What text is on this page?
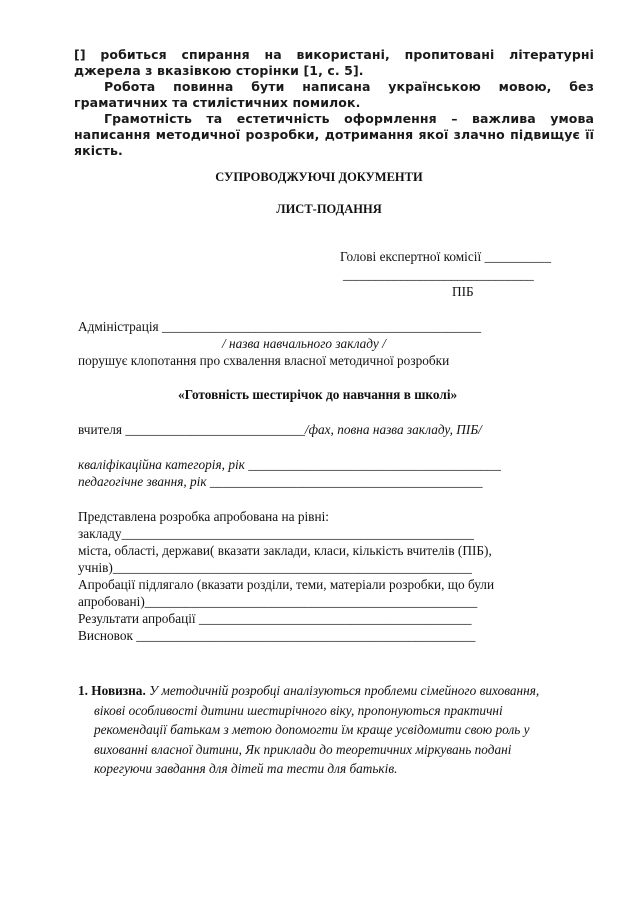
[] робиться спирання на використані, пропитовані літературні джерела з вказівкою сторінки [1, с. 5].

Робота повинна бути написана українською мовою, без граматичних та стилістичних помилок.

Грамотність та естетичність оформлення – важлива умова написання методичної розробки, дотримання якої злачно підвищує її якість.

СУПРОВОДЖУЮЧІ ДОКУМЕНТИ
ЛИСТ-ПОДАННЯ
Голові експертної комісії __________
______________________________
ПІБ
Адміністрація ________________________________________________
/ назва навчального закладу /
порушує клопотання про схвалення власної методичної розробки
«Готовність шестирічок до навчання в школі»
вчителя ___________________________/фах, повна назва закладу, ПІБ/
кваліфікаційна категорія, рік ______________________________________
педагогічне звання, рік _________________________________________
Представлена розробка апробована на рівні:
закладу_____________________________________________________
міста, області, держави( вказати заклади, класи, кількість вчителів (ПІБ),
учнів)______________________________________________________
Апробації підлягало (вказати розділи, теми, матеріали розробки, що були
апробовані)__________________________________________________
Результати апробації _________________________________________
Висновок ___________________________________________________
1. Новизна. У методичній розробці аналізуються проблеми сімейного виховання, вікові особливості дитини шестирічного віку, пропонуються практичні рекомендації батькам з метою допомогти їм краще усвідомити свою роль у вихованні власної дитини, Як приклади до теоретичних міркувань подані корегуючи завдання для дітей та тести для батьків.
